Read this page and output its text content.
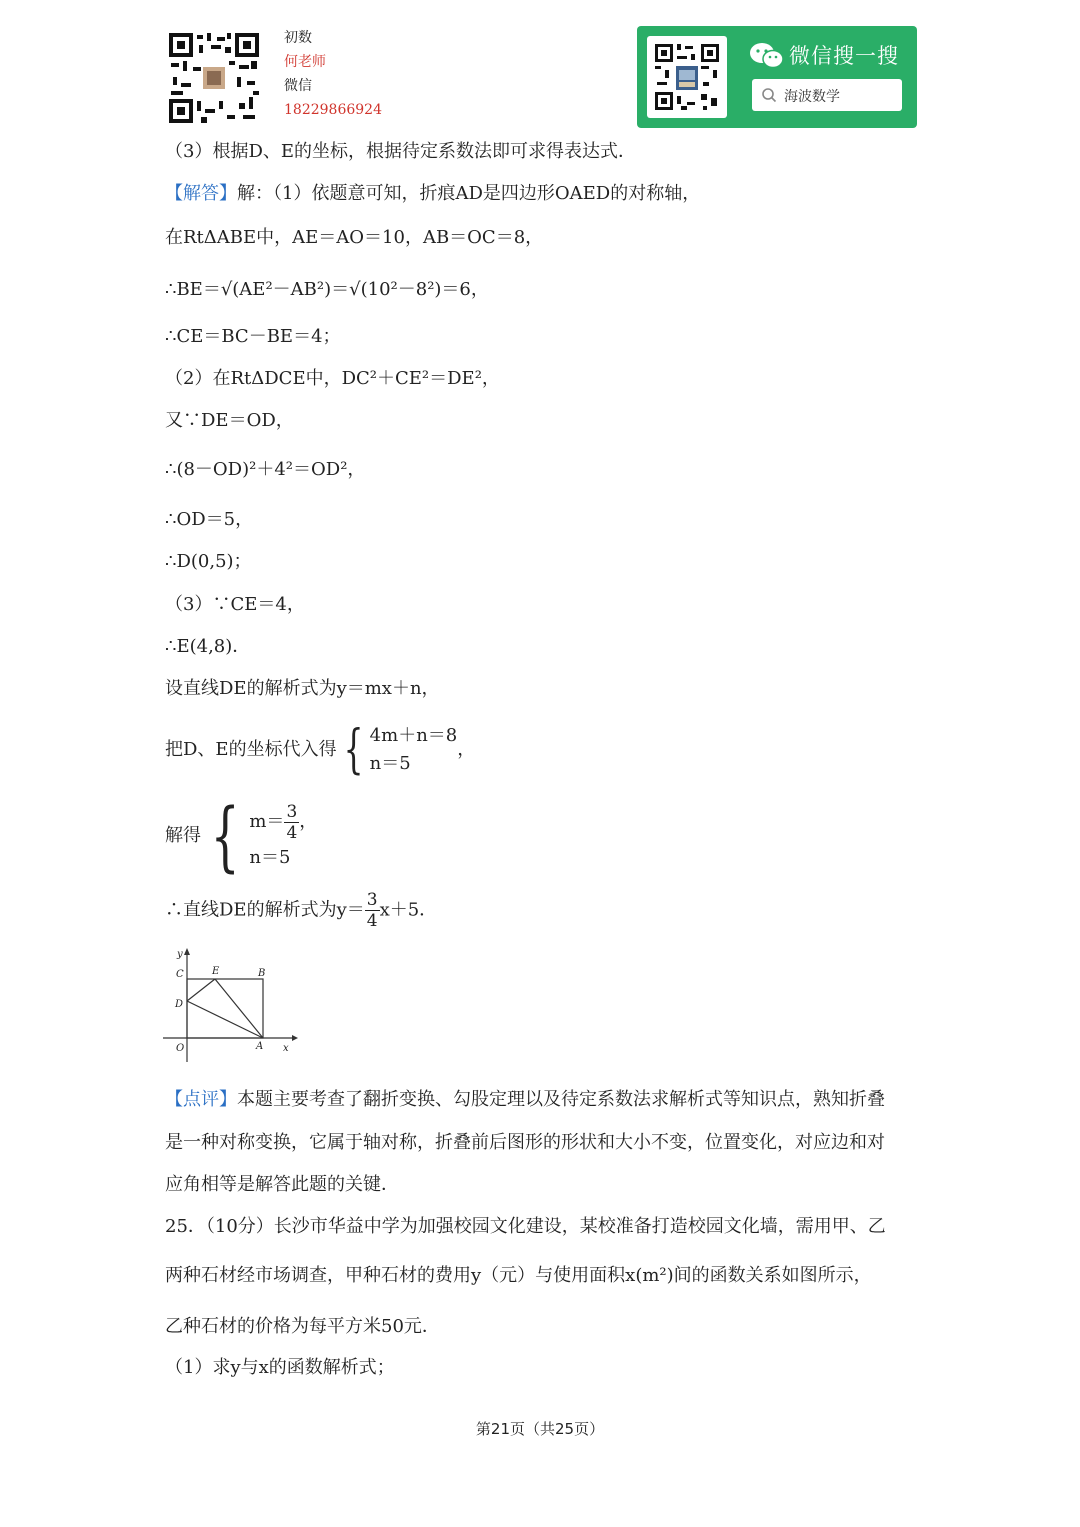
初数
何老师
微信
18229866924
微信搜一搜
海波数学
（3）根据D、E的坐标，根据待定系数法即可求得表达式．
【解答】解：（1）依题意可知，折痕AD是四边形OAED的对称轴，
在RtΔABE中，AE＝AO＝10，AB＝OC＝8，
∴BE＝√(AE²－AB²)＝√(10²－8²)＝6，
∴CE＝BC－BE＝4；
（2）在RtΔDCE中，DC²＋CE²＝DE²，
又∵DE＝OD，
∴(8－OD)²＋4²＝OD²，
∴OD＝5，
∴D(0,5)；
（3）∵CE＝4，
∴E(4,8)．
设直线DE的解析式为y＝mx＋n，
把D、E的坐标代入得 { 4m＋n＝8
n＝5
，
解得 { $m= \frac{3}{4}$ ，
n＝5
∴直线DE的解析式为$y= \frac{3}{4} x+5$．
y
C	E	B
D
O	A x
【点评】本题主要考查了翻折变换、勾股定理以及待定系数法求解析式等知识点，熟知折叠
是一种对称变换，它属于轴对称，折叠前后图形的形状和大小不变，位置变化，对应边和对
应角相等是解答此题的关键．
25．（10分）长沙市华益中学为加强校园文化建设，某校准备打造校园文化墙，需用甲、乙
两种石材经市场调查，甲种石材的费用y（元）与使用面积x(m²)间的函数关系如图所示，
乙种石材的价格为每平方米50元．
（1）求y与x的函数解析式；
第21页（共25页）
